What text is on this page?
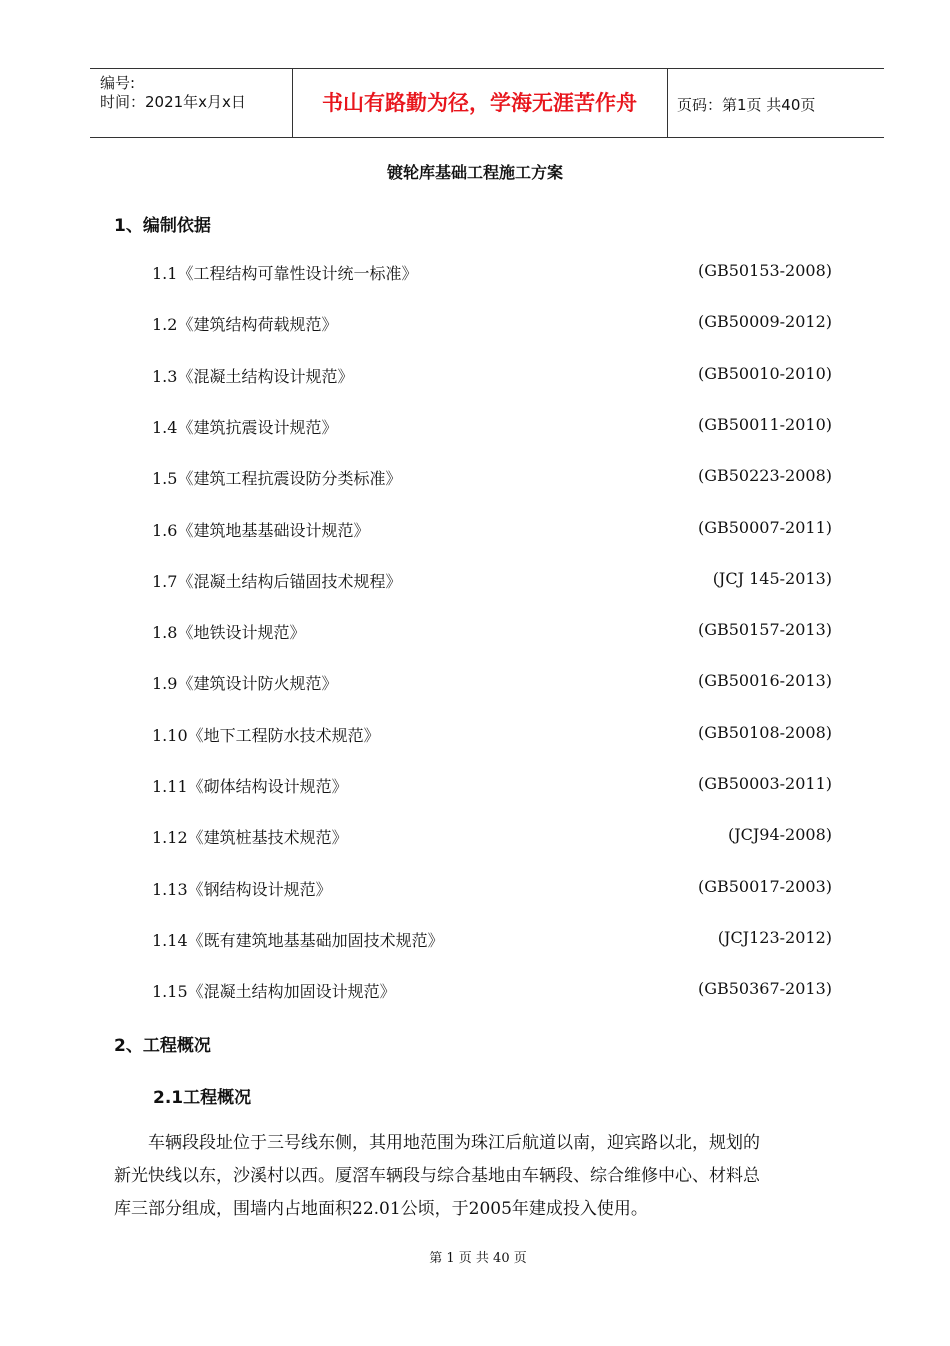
编号:
时间：2021年x月x日	书山有路勤为径，学海无涯苦作舟	页码：第1页 共40页
镀轮库基础工程施工方案
1、编制依据
1.1《工程结构可靠性设计统一标准》	(GB50153-2008)
1.2《建筑结构荷载规范》	(GB50009-2012)
1.3《混凝土结构设计规范》	(GB50010-2010)
1.4《建筑抗震设计规范》	(GB50011-2010)
1.5《建筑工程抗震设防分类标准》	(GB50223-2008)
1.6《建筑地基基础设计规范》	(GB50007-2011)
1.7《混凝土结构后锚固技术规程》	(JCJ 145-2013)
1.8《地铁设计规范》	(GB50157-2013)
1.9《建筑设计防火规范》	(GB50016-2013)
1.10《地下工程防水技术规范》	(GB50108-2008)
1.11《砌体结构设计规范》	(GB50003-2011)
1.12《建筑桩基技术规范》	(JCJ94-2008)
1.13《钢结构设计规范》	(GB50017-2003)
1.14《既有建筑地基基础加固技术规范》	(JCJ123-2012)
1.15《混凝土结构加固设计规范》	(GB50367-2013)
2、工程概况
2.1工程概况
　　车辆段段址位于三号线东侧，其用地范围为珠江后航道以南，迎宾路以北，规划的
新光快线以东，沙溪村以西。厦滘车辆段与综合基地由车辆段、综合维修中心、材料总
库三部分组成，围墙内占地面积22.01公顷，于2005年建成投入使用。
第 1 页 共 40 页
